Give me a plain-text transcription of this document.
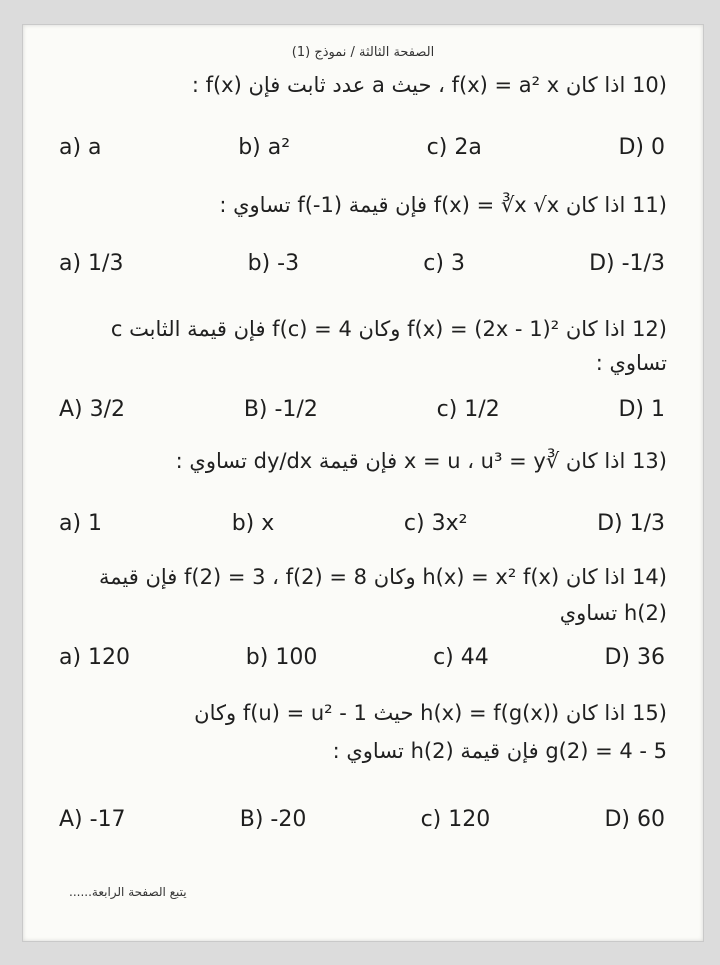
الصفحة الثالثة / نموذج (1)
(10 اذا كان f(x) = a² x ، حيث a عدد ثابت فإن f(x) :
a) a	b) a²	c) 2a	D) 0
(11 اذا كان f(x) = ∛x √x فإن قيمة f(-1) تساوي :
a) 1/3	b) -3	c) 3	D) -1/3
(12 اذا كان f(x) = (2x - 1)² وكان f(c) = 4 فإن قيمة الثابت c
تساوي :
A) 3/2	B) -1/2	c) 1/2	D) 1
(13 اذا كان ∛x = u ، u³ = y فإن قيمة dy/dx تساوي :
a) 1	b) x	c) 3x²	D) 1/3
(14 اذا كان h(x) = x² f(x) وكان f(2) = 3 ، f(2) = 8 فإن قيمة
h(2) تساوي
a) 120	b) 100	c) 44	D) 36
(15 اذا كان h(x) = f(g(x)) حيث f(u) = u² - 1 وكان
g(2) = 4 - 5 فإن قيمة h(2) تساوي :
A) -17	B) -20	c) 120	D) 60
يتبع الصفحة الرابعة......
